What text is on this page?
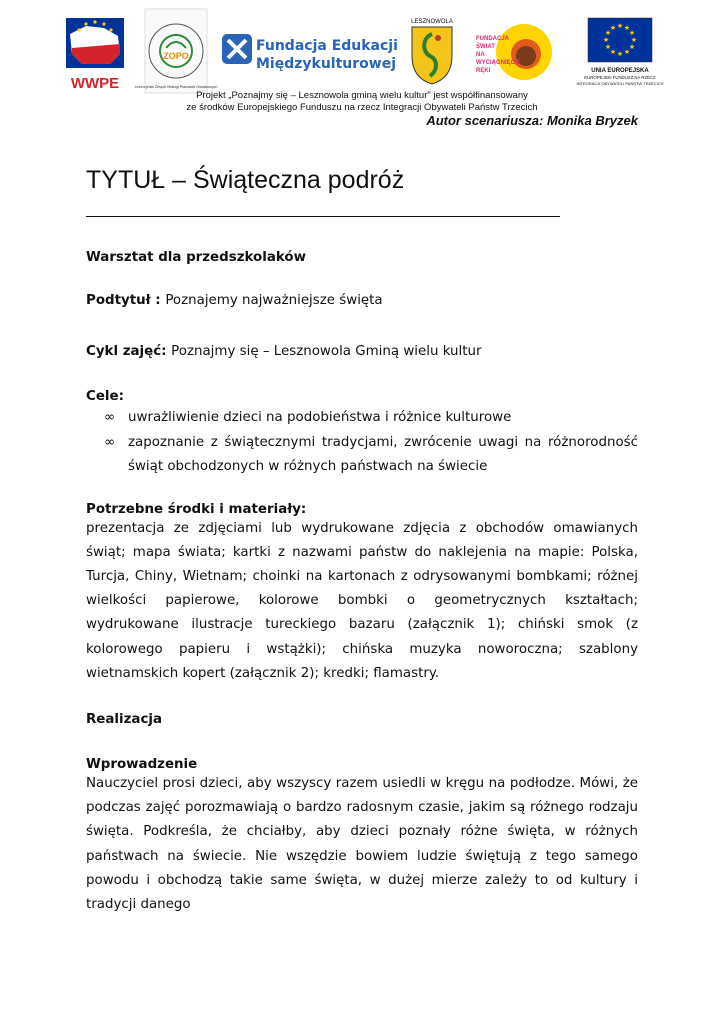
WWPE
ZOPO
Leszczyński Zespół Obsługi Placówek Oświatowych
Fundacja Edukacji
Międzykulturowej
LESZNOWOLA
FUNDACJA
ŚWIAT
NA
WYCIĄGNIĘCIE
RĘKI
★ ★
★
★
★
★
★
★
★
★
★
★
UNIA EUROPEJSKA
EUROPEJSKI FUNDUSZ NA RZECZ
INTEGRACJI OBYWATELI PAŃSTW TRZECICH
Projekt „Poznajmy się – Lesznowola gminą wielu kultur" jest współfinansowany
ze środków Europejskiego Funduszu na rzecz Integracji Obywateli Państw Trzecich
Autor scenariusza: Monika Bryzek
TYTUŁ – Świąteczna podróż

Warsztat dla przedszkolaków

Podtytuł : Poznajemy najważniejsze święta

Cykl zajęć: Poznajmy się – Lesznowola Gminą wielu kultur

Cele:

∞ uwrażliwienie dzieci na podobieństwa i różnice kulturowe
∞ zapoznanie z świątecznymi tradycjami, zwrócenie uwagi na różnorodność świąt obchodzonych w różnych państwach na świecie

Potrzebne środki i materiały:

prezentacja ze zdjęciami lub wydrukowane zdjęcia z obchodów omawianych świąt; mapa świata; kartki z nazwami państw do naklejenia na mapie: Polska, Turcja, Chiny, Wietnam; choinki na kartonach z odrysowanymi bombkami; różnej wielkości papierowe, kolorowe bombki o geometrycznych kształtach; wydrukowane ilustracje tureckiego bazaru (załącznik 1); chiński smok (z kolorowego papieru i wstążki); chińska muzyka noworoczna; szablony wietnamskich kopert (załącznik 2); kredki; flamastry.

Realizacja

Wprowadzenie

Nauczyciel prosi dzieci, aby wszyscy razem usiedli w kręgu na podłodze. Mówi, że podczas zajęć porozmawiają o bardzo radosnym czasie, jakim są różnego rodzaju święta. Podkreśla, że chciałby, aby dzieci poznały różne święta, w różnych państwach na świecie. Nie wszędzie bowiem ludzie świętują z tego samego powodu i obchodzą takie same święta, w dużej mierze zależy to od kultury i tradycji danego
